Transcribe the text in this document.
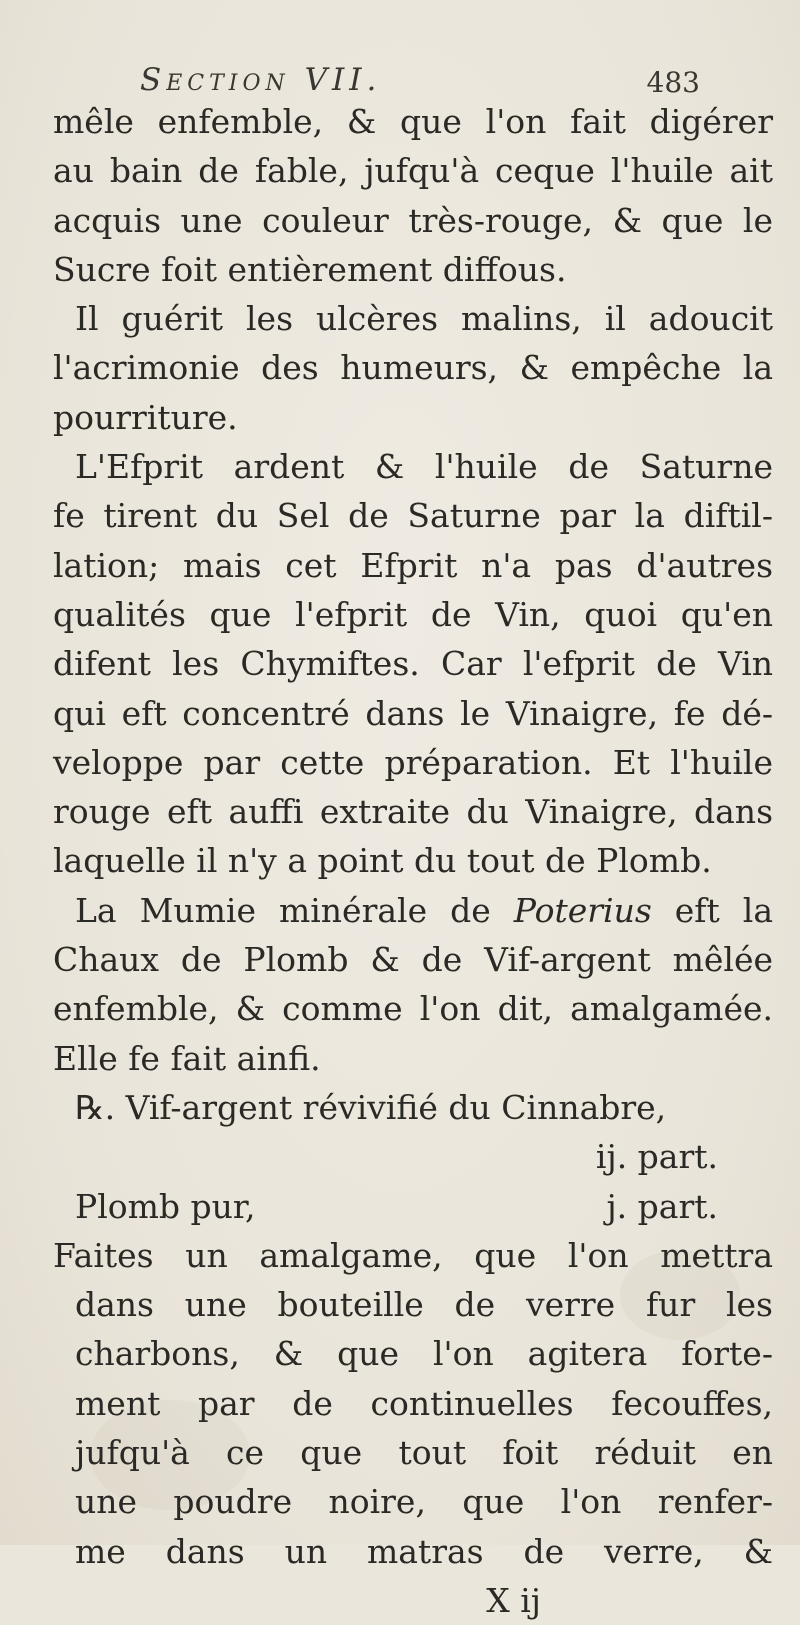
Section VII.	483
mêle enfemble, & que l'on fait digérer
au bain de fable, jufqu'à ceque l'huile ait
acquis une couleur très-rouge, & que le
Sucre foit entièrement diffous.
Il guérit les ulcères malins, il adoucit
l'acrimonie des humeurs, & empêche la
pourriture.
L'Efprit ardent & l'huile de Saturne
fe tirent du Sel de Saturne par la diftil-
lation; mais cet Efprit n'a pas d'autres
qualités que l'efprit de Vin, quoi qu'en
difent les Chymiftes. Car l'efprit de Vin
qui eft concentré dans le Vinaigre, fe dé-
veloppe par cette préparation. Et l'huile
rouge eft auffi extraite du Vinaigre, dans
laquelle il n'y a point du tout de Plomb.
La Mumie minérale de Poterius eft la
Chaux de Plomb & de Vif-argent mêlée
enfemble, & comme l'on dit, amalgamée.
Elle fe fait ainfi.
℞. Vif-argent révivifié du Cinnabre,
ij. part.
Plomb pur,	j. part.
Faites un amalgame, que l'on mettra
dans une bouteille de verre fur les
charbons, & que l'on agitera forte-
ment par de continuelles fecouffes,
jufqu'à ce que tout foit réduit en
une poudre noire, que l'on renfer-
me dans un matras de verre, &
X ij
